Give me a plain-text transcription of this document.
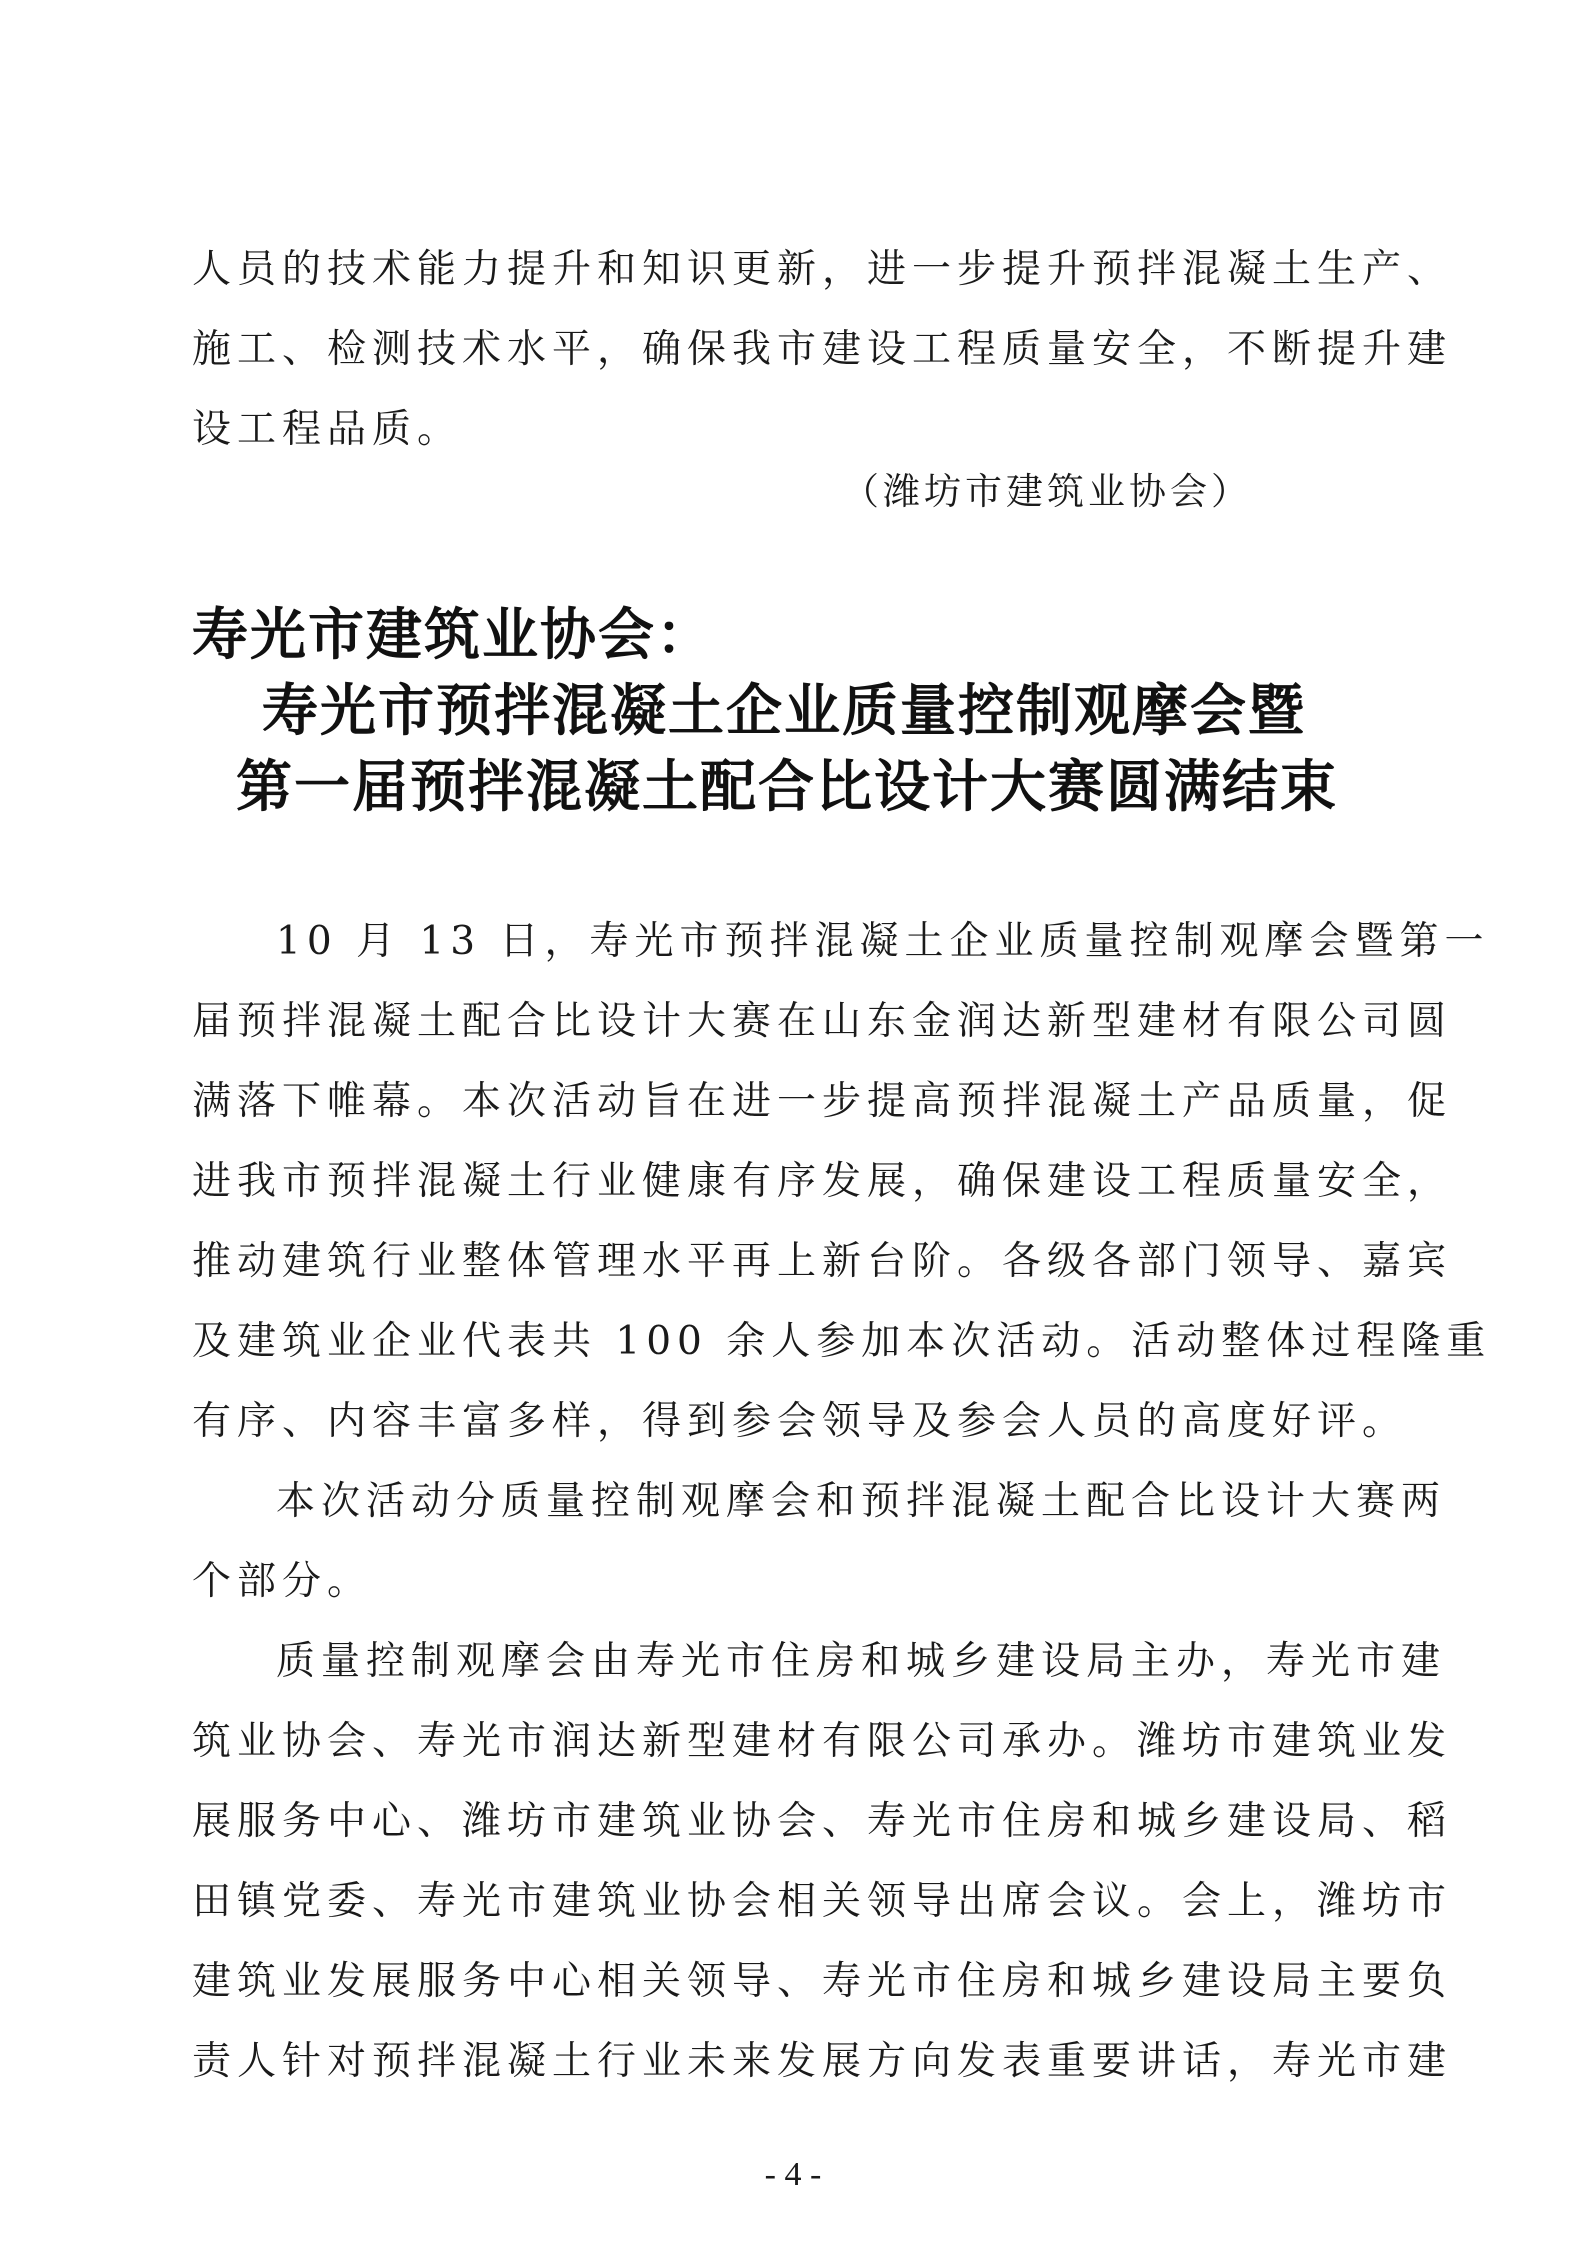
人员的技术能力提升和知识更新，进一步提升预拌混凝土生产、
施工、检测技术水平，确保我市建设工程质量安全，不断提升建
设工程品质。
（潍坊市建筑业协会）
寿光市建筑业协会：
寿光市预拌混凝土企业质量控制观摩会暨
第一届预拌混凝土配合比设计大赛圆满结束
10 月 13 日，寿光市预拌混凝土企业质量控制观摩会暨第一
届预拌混凝土配合比设计大赛在山东金润达新型建材有限公司圆
满落下帷幕。本次活动旨在进一步提高预拌混凝土产品质量，促
进我市预拌混凝土行业健康有序发展，确保建设工程质量安全，
推动建筑行业整体管理水平再上新台阶。各级各部门领导、嘉宾
及建筑业企业代表共 100 余人参加本次活动。活动整体过程隆重
有序、内容丰富多样，得到参会领导及参会人员的高度好评。
本次活动分质量控制观摩会和预拌混凝土配合比设计大赛两
个部分。
质量控制观摩会由寿光市住房和城乡建设局主办，寿光市建
筑业协会、寿光市润达新型建材有限公司承办。潍坊市建筑业发
展服务中心、潍坊市建筑业协会、寿光市住房和城乡建设局、稻
田镇党委、寿光市建筑业协会相关领导出席会议。会上，潍坊市
建筑业发展服务中心相关领导、寿光市住房和城乡建设局主要负
责人针对预拌混凝土行业未来发展方向发表重要讲话，寿光市建
- 4 -
